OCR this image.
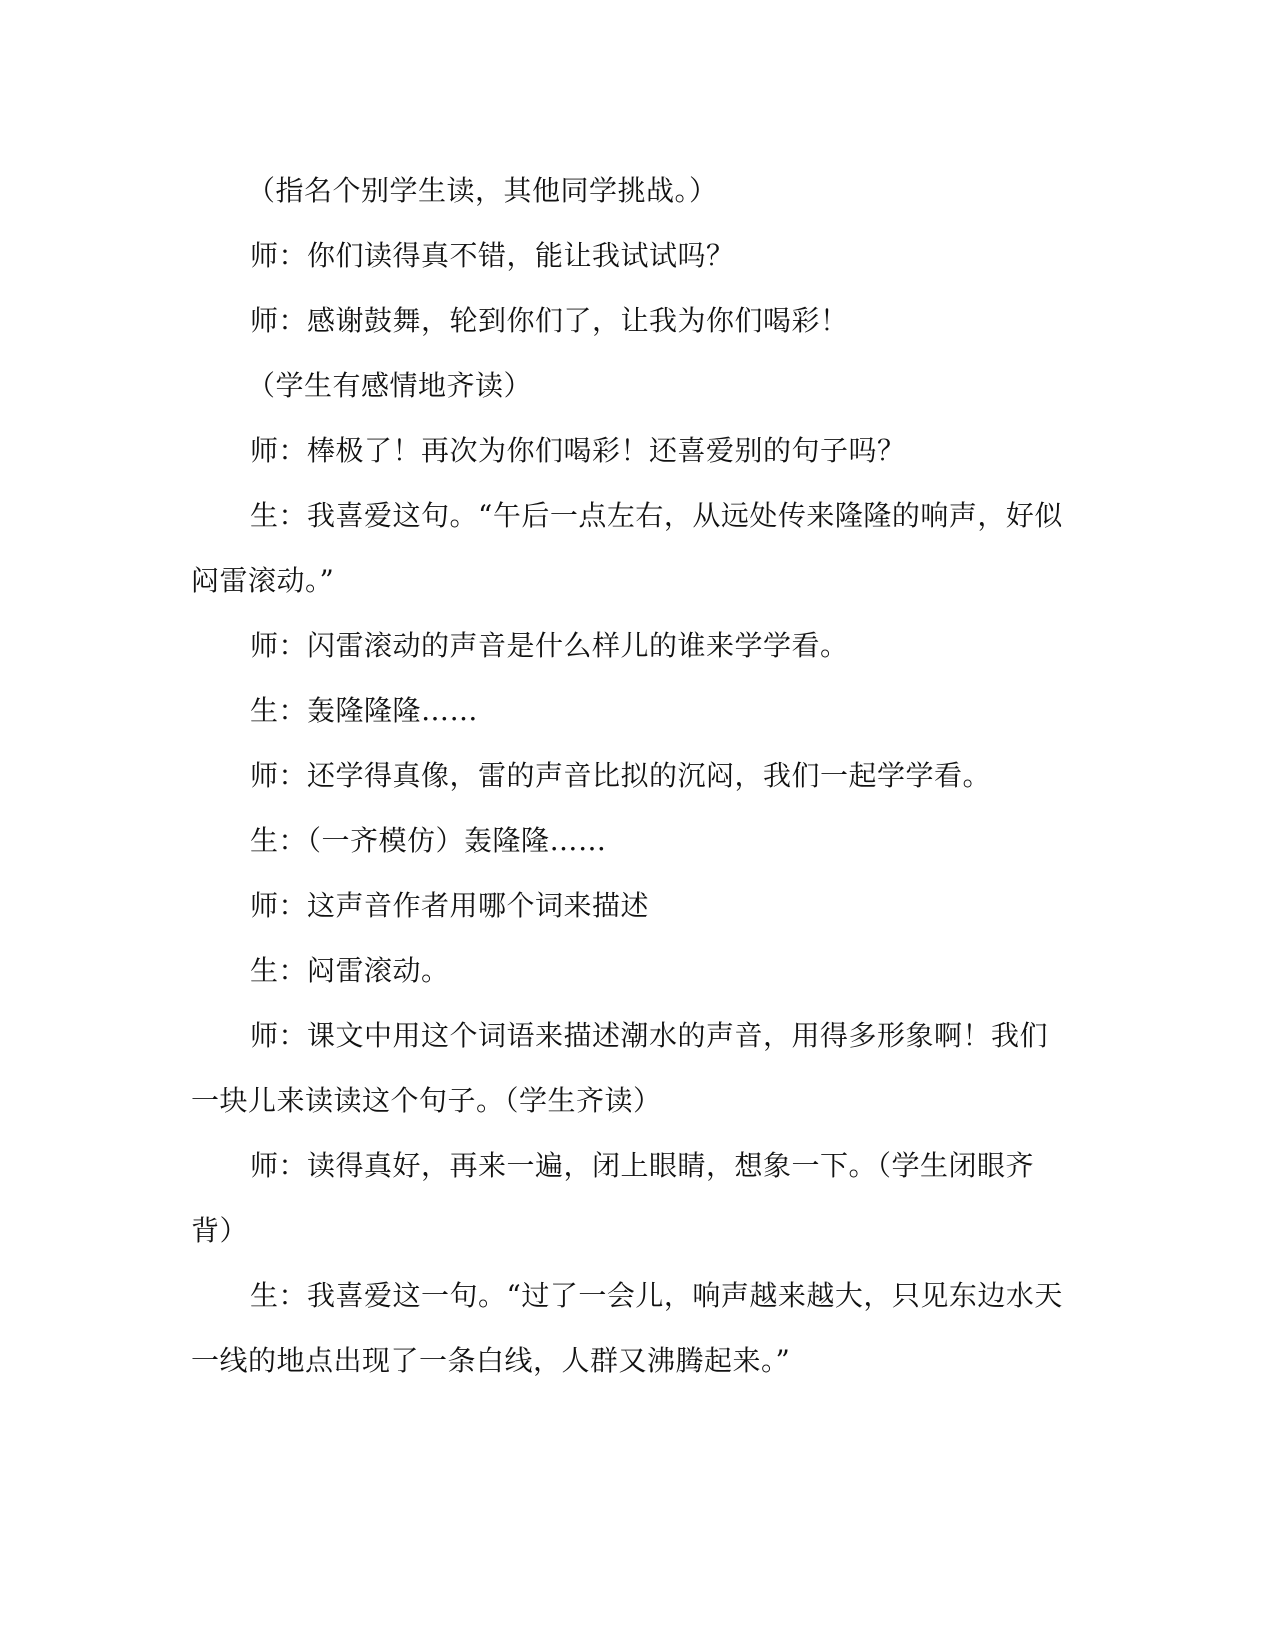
（指名个别学生读，其他同学挑战。）
师：你们读得真不错，能让我试试吗？
师：感谢鼓舞，轮到你们了，让我为你们喝彩！
（学生有感情地齐读）
师：棒极了！再次为你们喝彩！还喜爱别的句子吗？
生：我喜爱这句。“午后一点左右，从远处传来隆隆的响声，好似
闷雷滚动。”
师：闪雷滚动的声音是什么样儿的谁来学学看。
生：轰隆隆隆……
师：还学得真像，雷的声音比拟的沉闷，我们一起学学看。
生：（一齐模仿）轰隆隆……
师：这声音作者用哪个词来描述
生：闷雷滚动。
师：课文中用这个词语来描述潮水的声音，用得多形象啊！我们
一块儿来读读这个句子。（学生齐读）
师：读得真好，再来一遍，闭上眼睛，想象一下。（学生闭眼齐
背）
生：我喜爱这一句。“过了一会儿，响声越来越大，只见东边水天
一线的地点出现了一条白线，人群又沸腾起来。”
